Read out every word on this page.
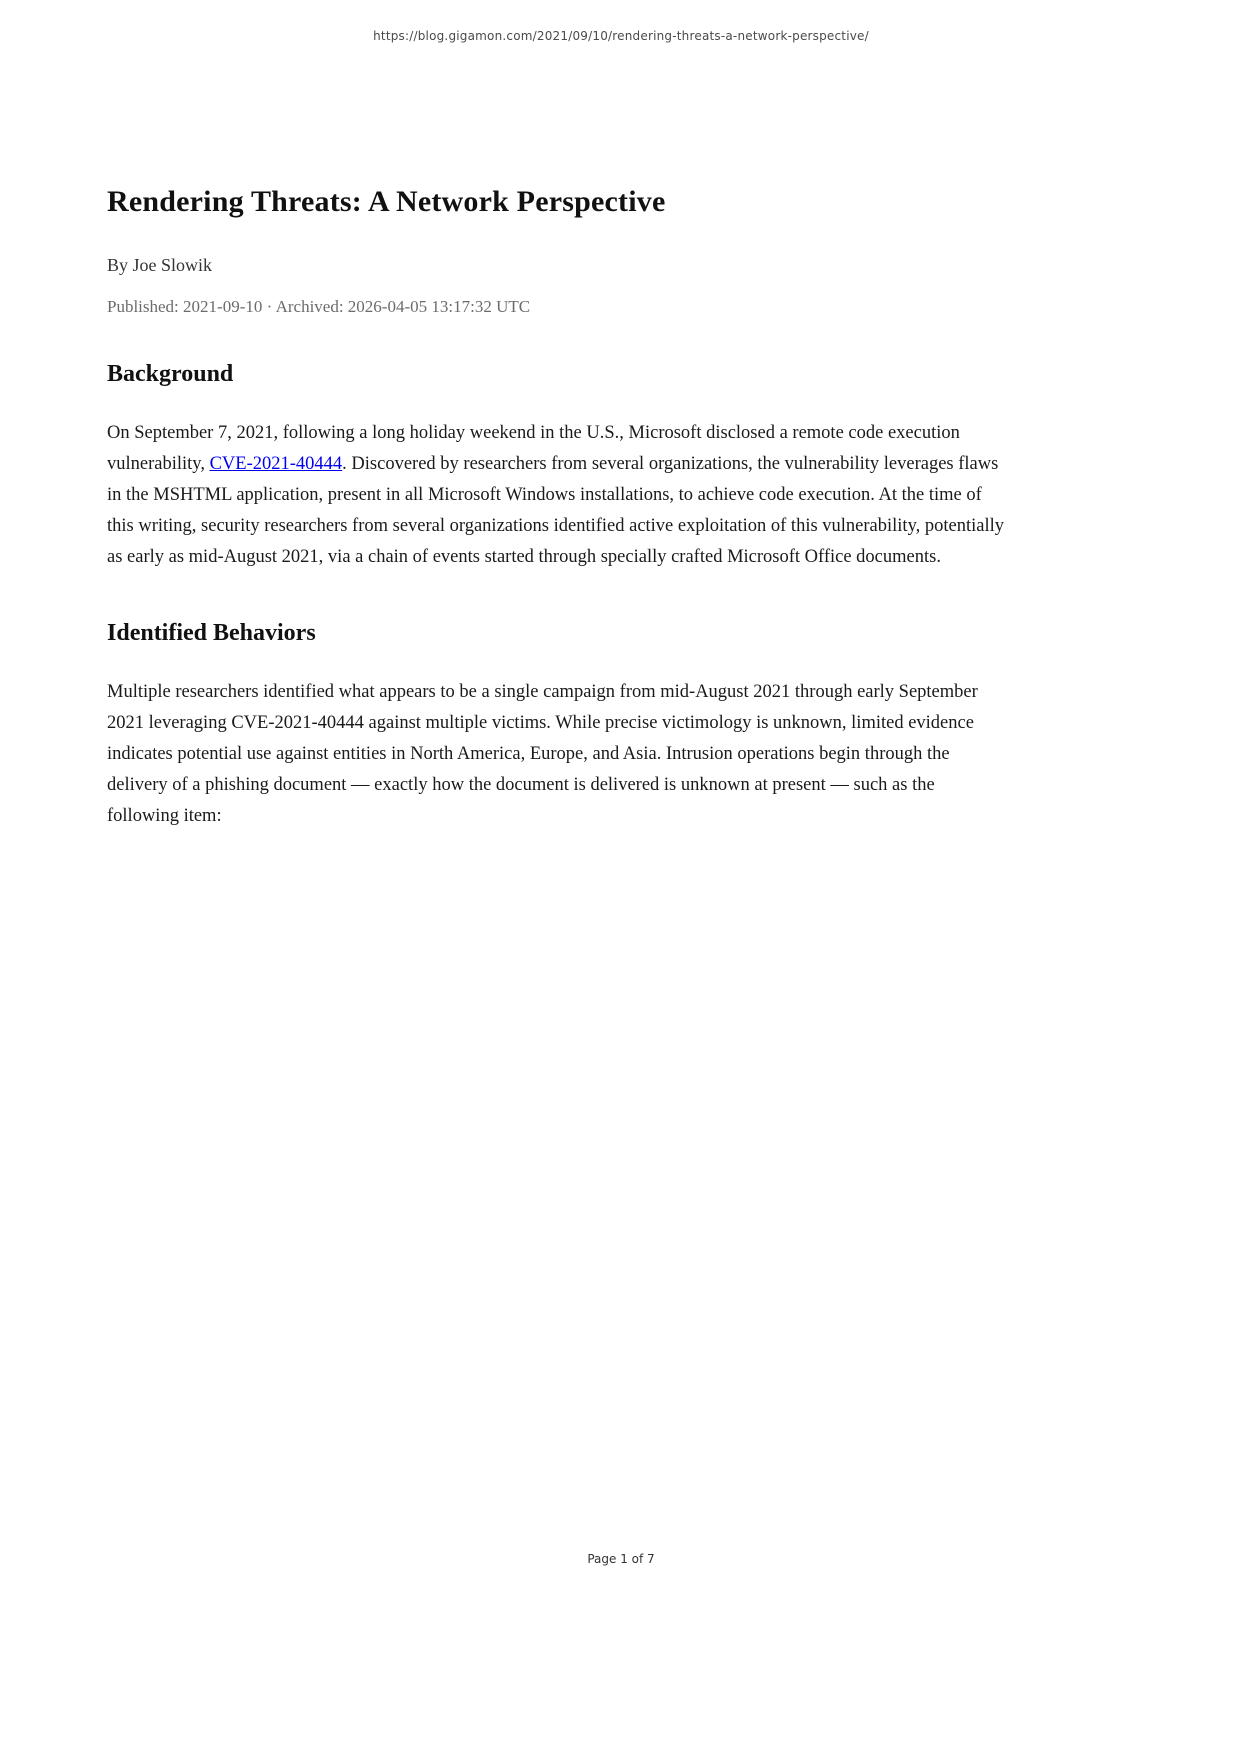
https://blog.gigamon.com/2021/09/10/rendering-threats-a-network-perspective/
Rendering Threats: A Network Perspective

By Joe Slowik

Published: 2021-09-10 · Archived: 2026-04-05 13:17:32 UTC

Background

On September 7, 2021, following a long holiday weekend in the U.S., Microsoft disclosed a remote code execution vulnerability, CVE-2021-40444. Discovered by researchers from several organizations, the vulnerability leverages flaws in the MSHTML application, present in all Microsoft Windows installations, to achieve code execution. At the time of this writing, security researchers from several organizations identified active exploitation of this vulnerability, potentially as early as mid-August 2021, via a chain of events started through specially crafted Microsoft Office documents.

Identified Behaviors

Multiple researchers identified what appears to be a single campaign from mid-August 2021 through early September 2021 leveraging CVE-2021-40444 against multiple victims. While precise victimology is unknown, limited evidence indicates potential use against entities in North America, Europe, and Asia. Intrusion operations begin through the delivery of a phishing document — exactly how the document is delivered is unknown at present — such as the following item:

Page 1 of 7
